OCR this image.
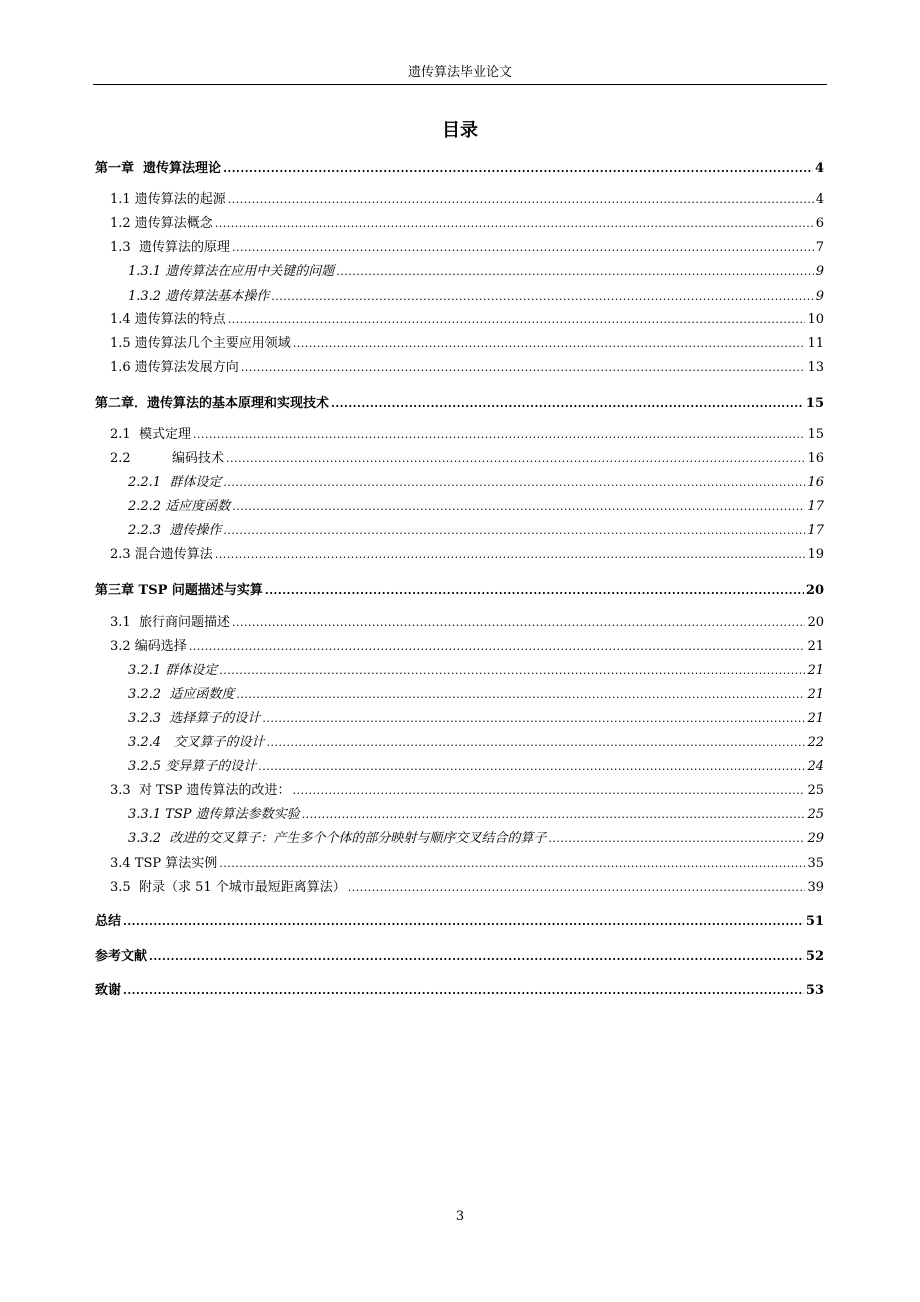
遗传算法毕业论文
目录
第一章  遗传算法理论 .....	4
1.1 遗传算法的起源 .....	4
1.2 遗传算法概念 .....	6
1.3  遗传算法的原理 .....	7
1.3.1 遗传算法在应用中关键的问题 .....	9
1.3.2 遗传算法基本操作 .....	9
1.4 遗传算法的特点 .....	10
1.5 遗传算法几个主要应用领域 .....	11
1.6 遗传算法发展方向 .....	13
第二章．遗传算法的基本原理和实现技术 .....	15
2.1  模式定理 .....	15
2.2          编码技术 .....	16
2.2.1  群体设定 .....	16
2.2.2 适应度函数 .....	17
2.2.3  遗传操作 .....	17
2.3 混合遗传算法 .....	19
第三章 TSP 问题描述与实算 .....	20
3.1  旅行商问题描述 .....	20
3.2 编码选择 .....	21
3.2.1 群体设定 .....	21
3.2.2  适应函数度 .....	21
3.2.3  选择算子的设计 .....	21
3.2.4   交叉算子的设计 .....	22
3.2.5 变异算子的设计 .....	24
3.3  对 TSP 遗传算法的改进： .....	25
3.3.1 TSP 遗传算法参数实验 .....	25
3.3.2  改进的交叉算子：产生多个个体的部分映射与顺序交叉结合的算子 .....	29
3.4 TSP 算法实例 .....	35
3.5  附录（求 51 个城市最短距离算法） .....	39
总结 .....	51
参考文献 .....	52
致谢 .....	53
3
